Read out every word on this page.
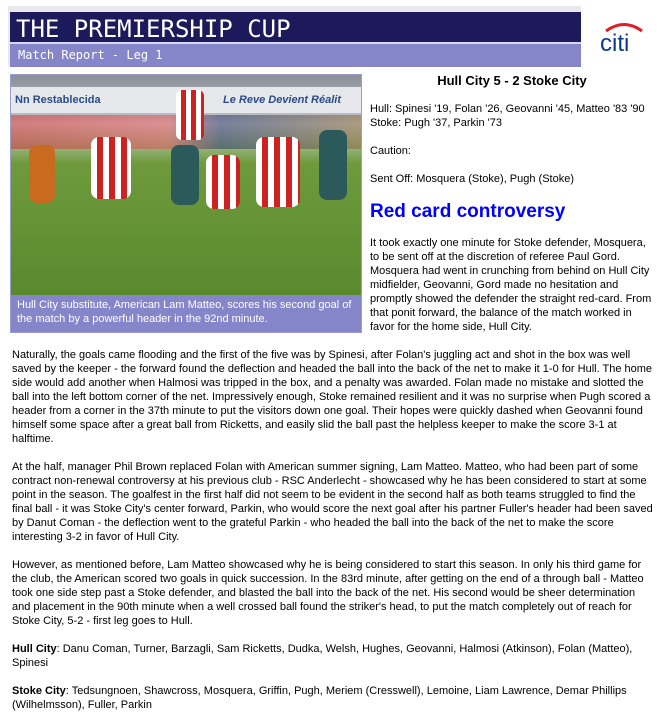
THE PREMIERSHIP CUP
Match Report - Leg 1	citi
Nn Restablecida	Le Reve Devient Réalit
Hull City substitute, American Lam Matteo, scores his second goal of the match by a powerful header in the 92nd minute.
Hull City 5 - 2 Stoke City
Hull: Spinesi '19, Folan '26, Geovanni '45, Matteo '83 '90
Stoke: Pugh '37, Parkin '73
Caution:
Sent Off: Mosquera (Stoke), Pugh (Stoke)
Red card controversy
It took exactly one minute for Stoke defender, Mosquera, to be sent off at the discretion of referee Paul Gord. Mosquera had went in crunching from behind on Hull City midfielder, Geovanni, Gord made no hesitation and promptly showed the defender the straight red-card. From that ponit forward, the balance of the match worked in favor for the home side, Hull City.
Naturally, the goals came flooding and the first of the five was by Spinesi, after Folan's juggling act and shot in the box was well saved by the keeper - the forward found the deflection and headed the ball into the back of the net to make it 1-0 for Hull. The home side would add another when Halmosi was tripped in the box, and a penalty was awarded. Folan made no mistake and slotted the ball into the left bottom corner of the net. Impressively enough, Stoke remained resilient and it was no surprise when Pugh scored a header from a corner in the 37th minute to put the visitors down one goal. Their hopes were quickly dashed when Geovanni found himself some space after a great ball from Ricketts, and easily slid the ball past the helpless keeper to make the score 3-1 at halftime.
At the half, manager Phil Brown replaced Folan with American summer signing, Lam Matteo. Matteo, who had been part of some contract non-renewal controversy at his previous club - RSC Anderlecht - showcased why he has been considered to start at some point in the season. The goalfest in the first half did not seem to be evident in the second half as both teams struggled to find the final ball - it was Stoke City's center forward, Parkin, who would score the next goal after his partner Fuller's header had been saved by Danut Coman - the deflection went to the grateful Parkin - who headed the ball into the back of the net to make the score interesting 3-2 in favor of Hull City.
However, as mentioned before, Lam Matteo showcased why he is being considered to start this season. In only his third game for the club, the American scored two goals in quick succession. In the 83rd minute, after getting on the end of a through ball - Matteo took one side step past a Stoke defender, and blasted the ball into the back of the net. His second would be sheer determination and placement in the 90th minute when a well crossed ball found the striker's head, to put the match completely out of reach for Stoke City, 5-2 - first leg goes to Hull.
Hull City: Danu Coman, Turner, Barzagli, Sam Ricketts, Dudka, Welsh, Hughes, Geovanni, Halmosi (Atkinson), Folan (Matteo), Spinesi
Stoke City: Tedsungnoen, Shawcross, Mosquera, Griffin, Pugh, Meriem (Cresswell), Lemoine, Liam Lawrence, Demar Phillips (Wilhelmsson), Fuller, Parkin
